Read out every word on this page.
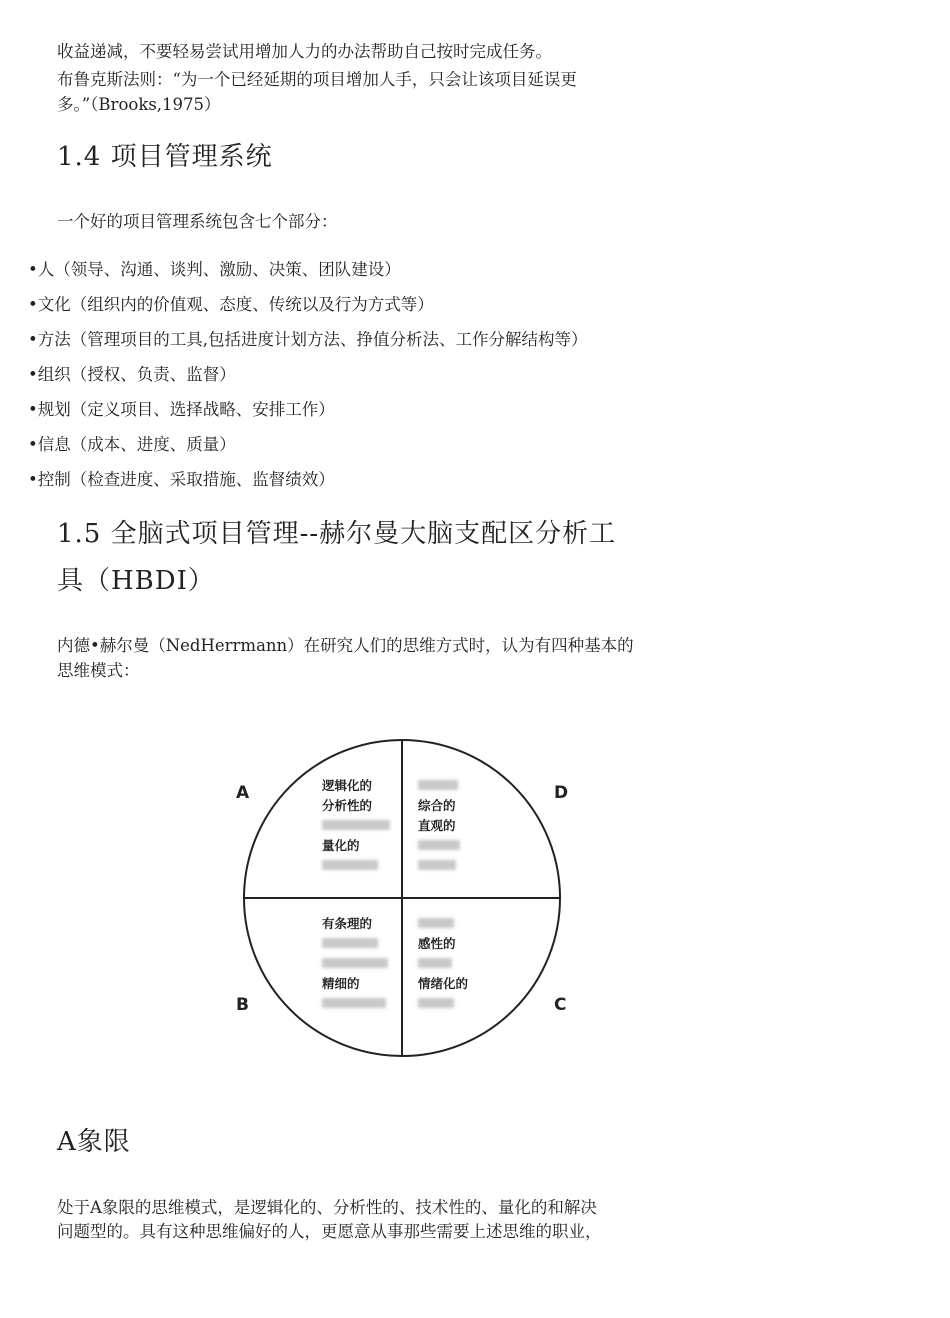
收益递减，不要轻易尝试用增加人力的办法帮助自己按时完成任务。
布鲁克斯法则：“为一个已经延期的项目增加人手，只会让该项目延误更
多。”（Brooks,1975）
1.4 项目管理系统
一个好的项目管理系统包含七个部分：
•人（领导、沟通、谈判、激励、决策、团队建设）
•文化（组织内的价值观、态度、传统以及行为方式等）
•方法（管理项目的工具,包括进度计划方法、挣值分析法、工作分解结构等）
•组织（授权、负责、监督）
•规划（定义项目、选择战略、安排工作）
•信息（成本、进度、质量）
•控制（检查进度、采取措施、监督绩效）
1.5 全脑式项目管理--赫尔曼大脑支配区分析工
具（HBDI）
内德•赫尔曼（NedHerrmann）在研究人们的思维方式时，认为有四种基本的
思维模式：
A	D
B	C
逻辑化的
分析性的
量化的
综合的
直观的
有条理的
精细的
感性的
情绪化的
A象限
处于A象限的思维模式，是逻辑化的、分析性的、技术性的、量化的和解决
问题型的。具有这种思维偏好的人，更愿意从事那些需要上述思维的职业，
